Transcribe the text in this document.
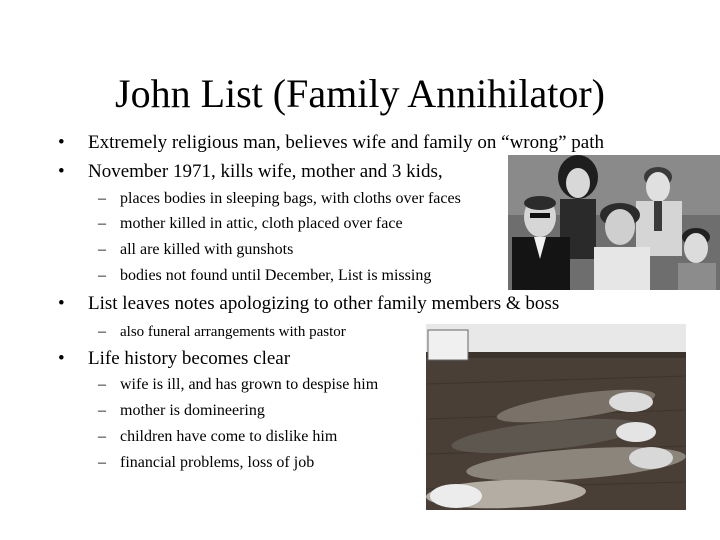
John List (Family Annihilator)
• Extremely religious man, believes wife and family on “wrong” path
• November 1971, kills wife, mother and 3 kids,
– places bodies in sleeping bags, with cloths over faces
– mother killed in attic, cloth placed over face
– all are killed with gunshots
– bodies not found until December, List is missing
• List leaves notes apologizing to other family members & boss
– also funeral arrangements with pastor
• Life history becomes clear
– wife is ill, and has grown to despise him
– mother is domineering
– children have come to dislike him
– financial problems, loss of job
